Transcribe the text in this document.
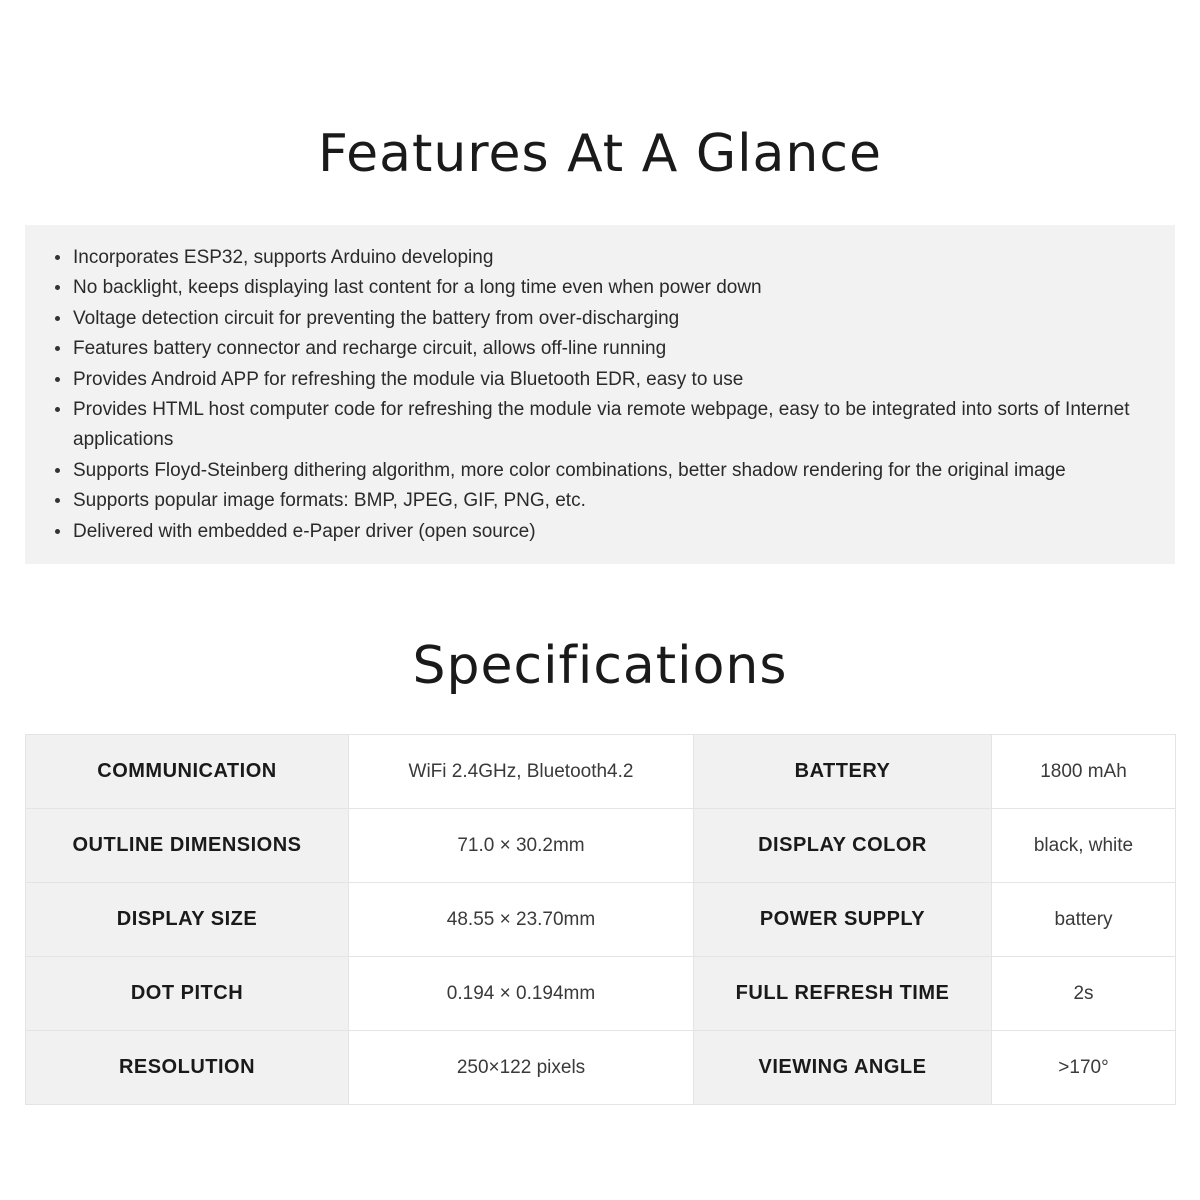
Features At A Glance
Incorporates ESP32, supports Arduino developing
No backlight, keeps displaying last content for a long time even when power down
Voltage detection circuit for preventing the battery from over-discharging
Features battery connector and recharge circuit, allows off-line running
Provides Android APP for refreshing the module via Bluetooth EDR, easy to use
Provides HTML host computer code for refreshing the module via remote webpage, easy to be integrated into sorts of Internet applications
Supports Floyd-Steinberg dithering algorithm, more color combinations, better shadow rendering for the original image
Supports popular image formats: BMP, JPEG, GIF, PNG, etc.
Delivered with embedded e-Paper driver (open source)
Specifications
COMMUNICATION	WiFi 2.4GHz, Bluetooth4.2	BATTERY	1800 mAh
OUTLINE DIMENSIONS	71.0 × 30.2mm	DISPLAY COLOR	black, white
DISPLAY SIZE	48.55 × 23.70mm	POWER SUPPLY	battery
DOT PITCH	0.194 × 0.194mm	FULL REFRESH TIME	2s
RESOLUTION	250×122 pixels	VIEWING ANGLE	>170°
